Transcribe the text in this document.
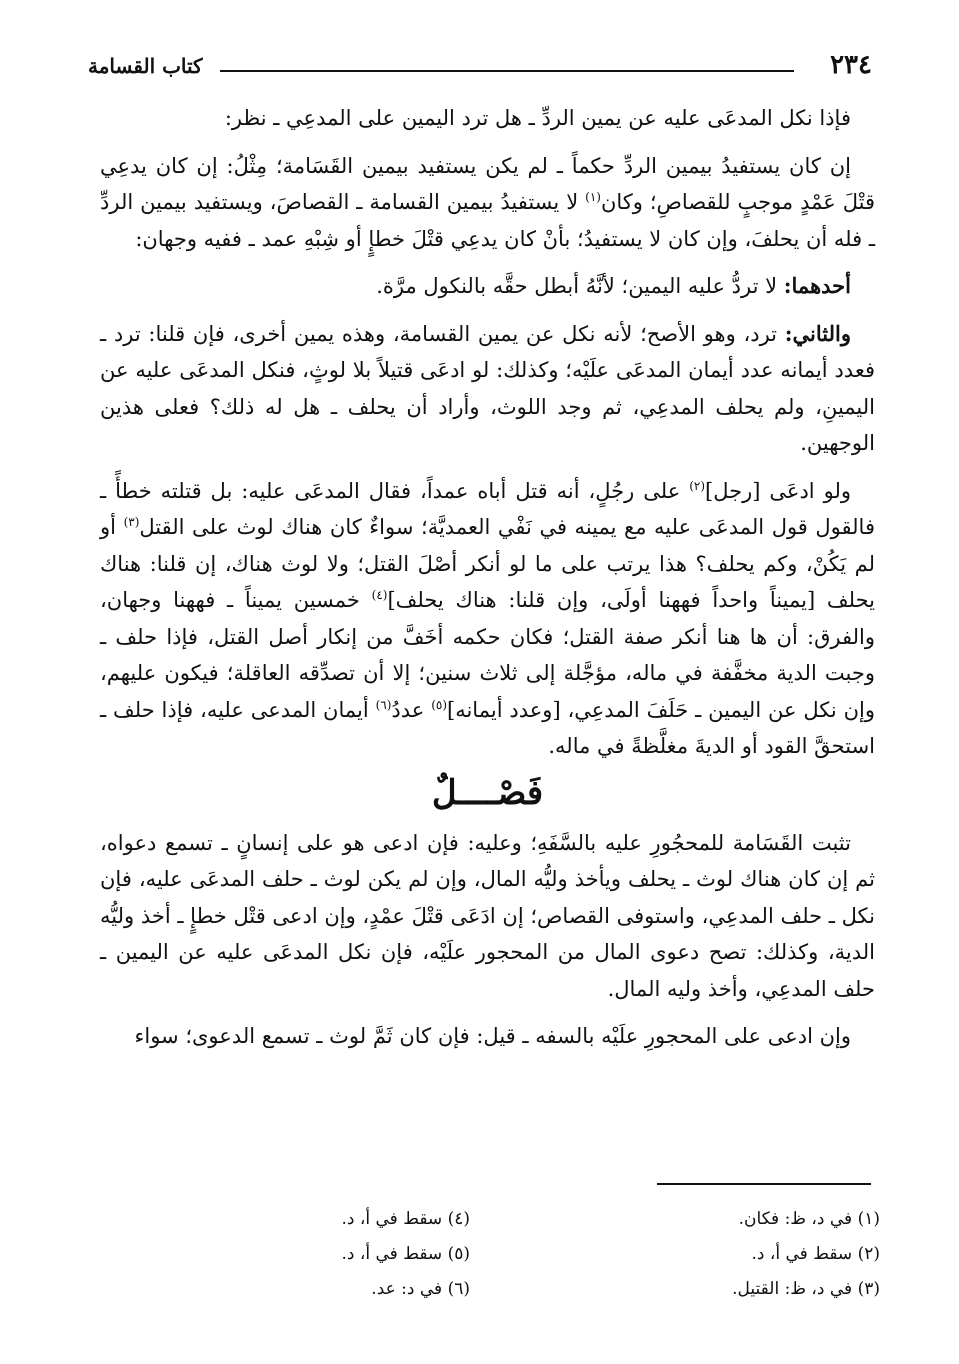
٢٣٤
كتاب القسامة

فإذا نكل المدعَى عليه عن يمين الردِّ ـ هل ترد اليمين على المدعِي ـ نظر:

إن كان يستفيدُ بيمين الردِّ حكماً ـ لم يكن يستفيد بيمين القَسَامة؛ مِثْلُ: إن كان يدعِي قتْلَ عَمْدٍ موجبٍ للقصاصِ؛ وكان$^{(١)}$ لا يستفيدُ بيمين القسامة ـ القصاصَ، ويستفيد بيمين الردِّ ـ فله أن يحلفَ، وإن كان لا يستفيدُ؛ بأنْ كان يدعِي قتْلَ خطإٍ أو شِبْهِ عمد ـ ففيه وجهان:

أحدهما: لا تردُّ عليه اليمين؛ لأنَّهُ أبطل حقَّه بالنكول مرَّة.

والثاني: ترد، وهو الأصح؛ لأنه نكل عن يمين القسامة، وهذه يمين أخرى، فإن قلنا: ترد ـ فعدد أيمانه عدد أيمان المدعَى علَيْه؛ وكذلك: لو ادعَى قتيلاً بلا لوثٍ، فنكل المدعَى عليه عن اليمينِ، ولم يحلف المدعِي، ثم وجد اللوث، وأراد أن يحلف ـ هل له ذلك؟ فعلى هذين الوجهين.

ولو ادعَى [رجل]$^{(٢)}$ على رجُلٍ، أنه قتل أباه عمداً، فقال المدعَى عليه: بل قتلته خطأً ـ فالقول قول المدعَى عليه مع يمينه في نَفْي العمديَّة؛ سواءٌ كان هناك لوث على القتل$^{(٣)}$ أو لم يَكُنْ، وكم يحلف؟ هذا يرتب على ما لو أنكر أصْلَ القتل؛ ولا لوث هناك، إن قلنا: هناك يحلف [يميناً واحداً فههنا أولَى، وإن قلنا: هناك يحلف]$^{(٤)}$ خمسين يميناً ـ فههنا وجهان، والفرق: أن ها هنا أنكر صفة القتل؛ فكان حكمه أخَفَّ من إنكار أصل القتل، فإذا حلف ـ وجبت الدية مخفَّفة في ماله، مؤجَّلة إلى ثلاث سنين؛ إلا أن تصدِّقه العاقلة؛ فيكون عليهم، وإن نكل عن اليمين ـ حَلَفَ المدعِي، [وعدد أيمانه]$^{(٥)}$ عددُ$^{(٦)}$ أيمان المدعى عليه، فإذا حلف ـ استحقَّ القود أو الديةَ مغلَّظةً في ماله.

فَصْــــلٌ

تثبت القَسَامة للمحجُورِ عليه بالسَّفَهِ؛ وعليه: فإن ادعى هو على إنسانٍ ـ تسمع دعواه، ثم إن كان هناك لوث ـ يحلف ويأخذ وليُّه المال، وإن لم يكن لوث ـ حلف المدعَى عليه، فإن نكل ـ حلف المدعِي، واستوفى القصاص؛ إن ادَعَى قتْلَ عمْدٍ، وإن ادعى قتْل خطإٍ ـ أخذ وليُّه الدية، وكذلك: تصح دعوى المال من المحجور علَيْه، فإن نكل المدعَى عليه عن اليمين ـ حلف المدعِي، وأخذ وليه المال.

وإن ادعى على المحجورِ علَيْه بالسفه ـ قيل: فإن كان ثَمَّ لوث ـ تسمع الدعوى؛ سواء

(١) في د، ظ: فكان.
(٢) سقط في أ، د.
(٣) في د، ظ: القتيل.
(٤) سقط في أ، د.
(٥) سقط في أ، د.
(٦) في د: عد.
